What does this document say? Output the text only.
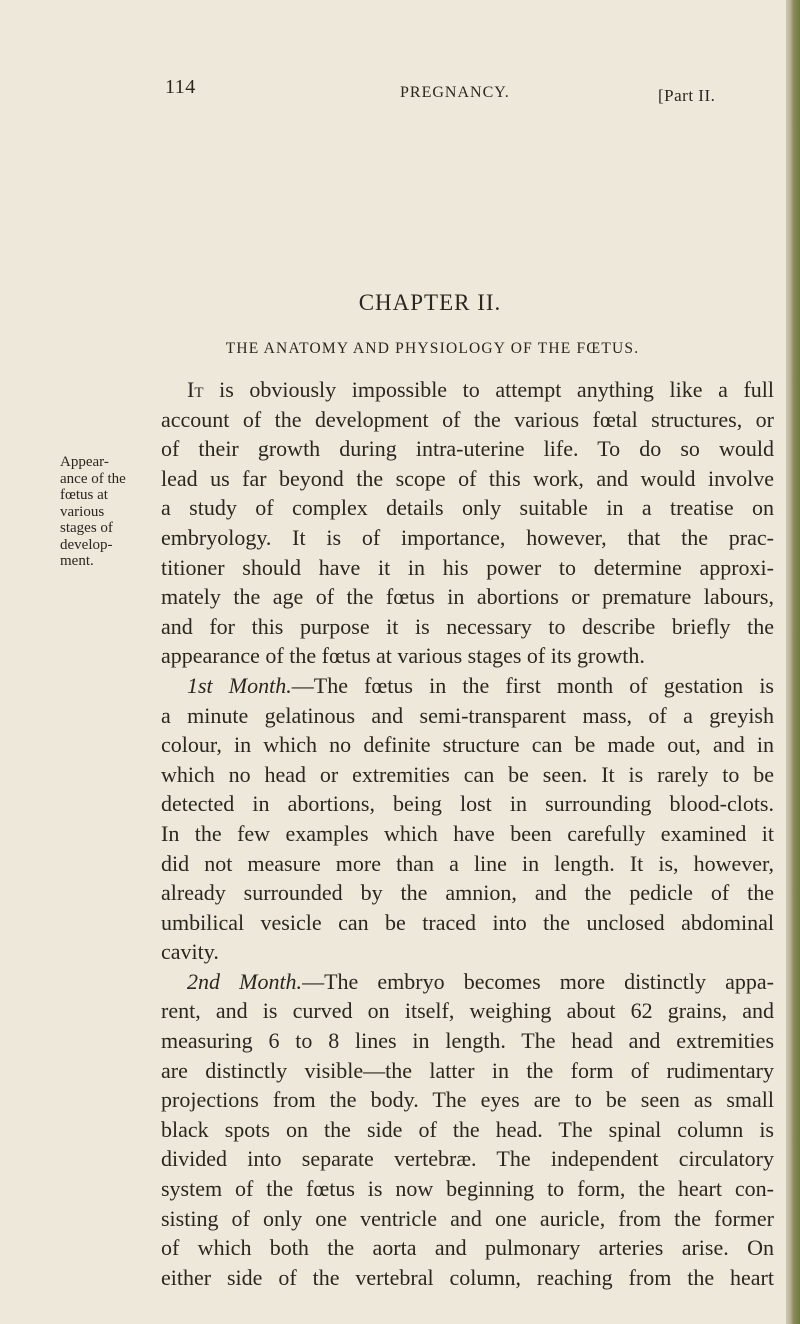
114	PREGNANCY.	[Part II.
CHAPTER II.
THE ANATOMY AND PHYSIOLOGY OF THE FŒTUS.
Appear-
ance of the
fœtus at
various
stages of
develop-
ment.
It is obviously impossible to attempt anything like a full
account of the development of the various fœtal structures, or
of their growth during intra-uterine life. To do so would
lead us far beyond the scope of this work, and would involve
a study of complex details only suitable in a treatise on
embryology. It is of importance, however, that the prac-
titioner should have it in his power to determine approxi-
mately the age of the fœtus in abortions or premature labours,
and for this purpose it is necessary to describe briefly the
appearance of the fœtus at various stages of its growth.
1st Month.—The fœtus in the first month of gestation is
a minute gelatinous and semi-transparent mass, of a greyish
colour, in which no definite structure can be made out, and in
which no head or extremities can be seen. It is rarely to be
detected in abortions, being lost in surrounding blood-clots.
In the few examples which have been carefully examined it
did not measure more than a line in length. It is, however,
already surrounded by the amnion, and the pedicle of the
umbilical vesicle can be traced into the unclosed abdominal
cavity.
2nd Month.—The embryo becomes more distinctly appa-
rent, and is curved on itself, weighing about 62 grains, and
measuring 6 to 8 lines in length. The head and extremities
are distinctly visible—the latter in the form of rudimentary
projections from the body. The eyes are to be seen as small
black spots on the side of the head. The spinal column is
divided into separate vertebræ. The independent circulatory
system of the fœtus is now beginning to form, the heart con-
sisting of only one ventricle and one auricle, from the former
of which both the aorta and pulmonary arteries arise. On
either side of the vertebral column, reaching from the heart
